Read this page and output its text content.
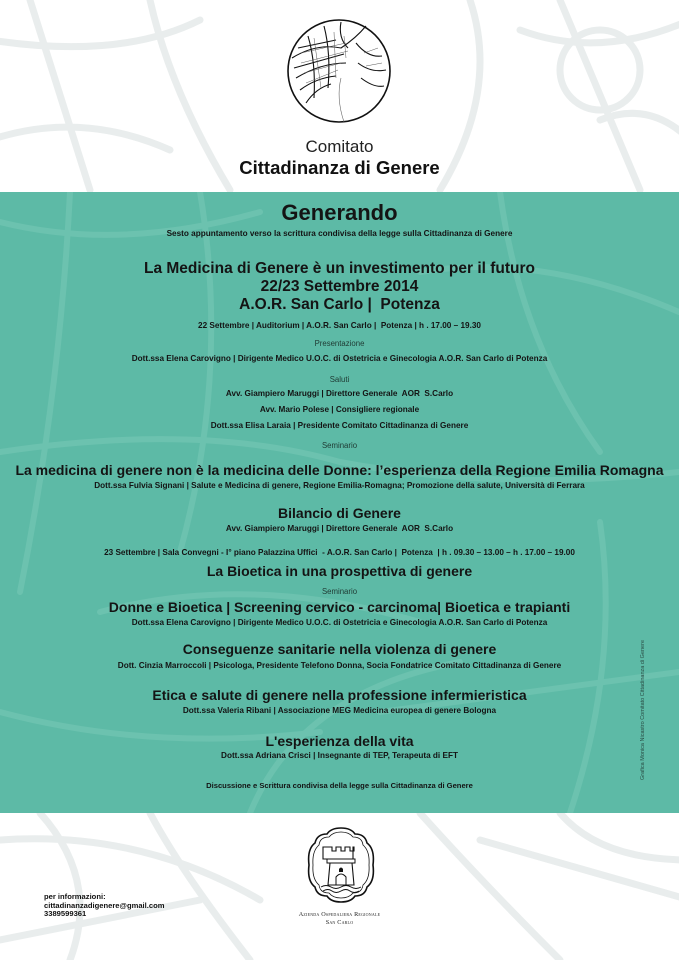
Comitato
Cittadinanza di Genere
Generando
Sesto appuntamento verso la scrittura condivisa della legge sulla Cittadinanza di Genere
La Medicina di Genere è un investimento per il futuro
22/23 Settembre 2014
A.O.R. San Carlo |  Potenza
22 Settembre | Auditorium | A.O.R. San Carlo |  Potenza | h . 17.00 – 19.30
Presentazione
Dott.ssa Elena Carovigno | Dirigente Medico U.O.C. di Ostetricia e Ginecologia A.O.R. San Carlo di Potenza
Saluti
Avv. Giampiero Maruggi | Direttore Generale  AOR  S.Carlo
Avv. Mario Polese | Consigliere regionale
Dott.ssa Elisa Laraia | Presidente Comitato Cittadinanza di Genere
Seminario
La medicina di genere non è la medicina delle Donne: l’esperienza della Regione Emilia Romagna
Dott.ssa Fulvia Signani | Salute e Medicina di genere, Regione Emilia-Romagna; Promozione della salute, Università di Ferrara
Bilancio di Genere
Avv. Giampiero Maruggi | Direttore Generale  AOR  S.Carlo
23 Settembre | Sala Convegni - I° piano Palazzina Uffici  - A.O.R. San Carlo |  Potenza  | h . 09.30 – 13.00 – h . 17.00 – 19.00
La Bioetica in una prospettiva di genere
Seminario
Donne e Bioetica | Screening cervico - carcinoma| Bioetica e trapianti
Dott.ssa Elena Carovigno | Dirigente Medico U.O.C. di Ostetricia e Ginecologia A.O.R. San Carlo di Potenza
Conseguenze sanitarie nella violenza di genere
Dott. Cinzia Marroccoli | Psicologa, Presidente Telefono Donna, Socia Fondatrice Comitato Cittadinanza di Genere
Etica e salute di genere nella professione infermieristica
Dott.ssa Valeria Ribani | Associazione MEG Medicina europea di genere Bologna
L'esperienza della vita
Dott.ssa Adriana Crisci | Insegnante di TEP, Terapeuta di EFT
Discussione e Scrittura condivisa della legge sulla Cittadinanza di Genere
Grafica Monica Nicastro Comitato Cittadinanza di Genere
per informazioni:
cittadinanzadigenere@gmail.com
3389599361	Azienda Ospedaliera Regionale
San Carlo
